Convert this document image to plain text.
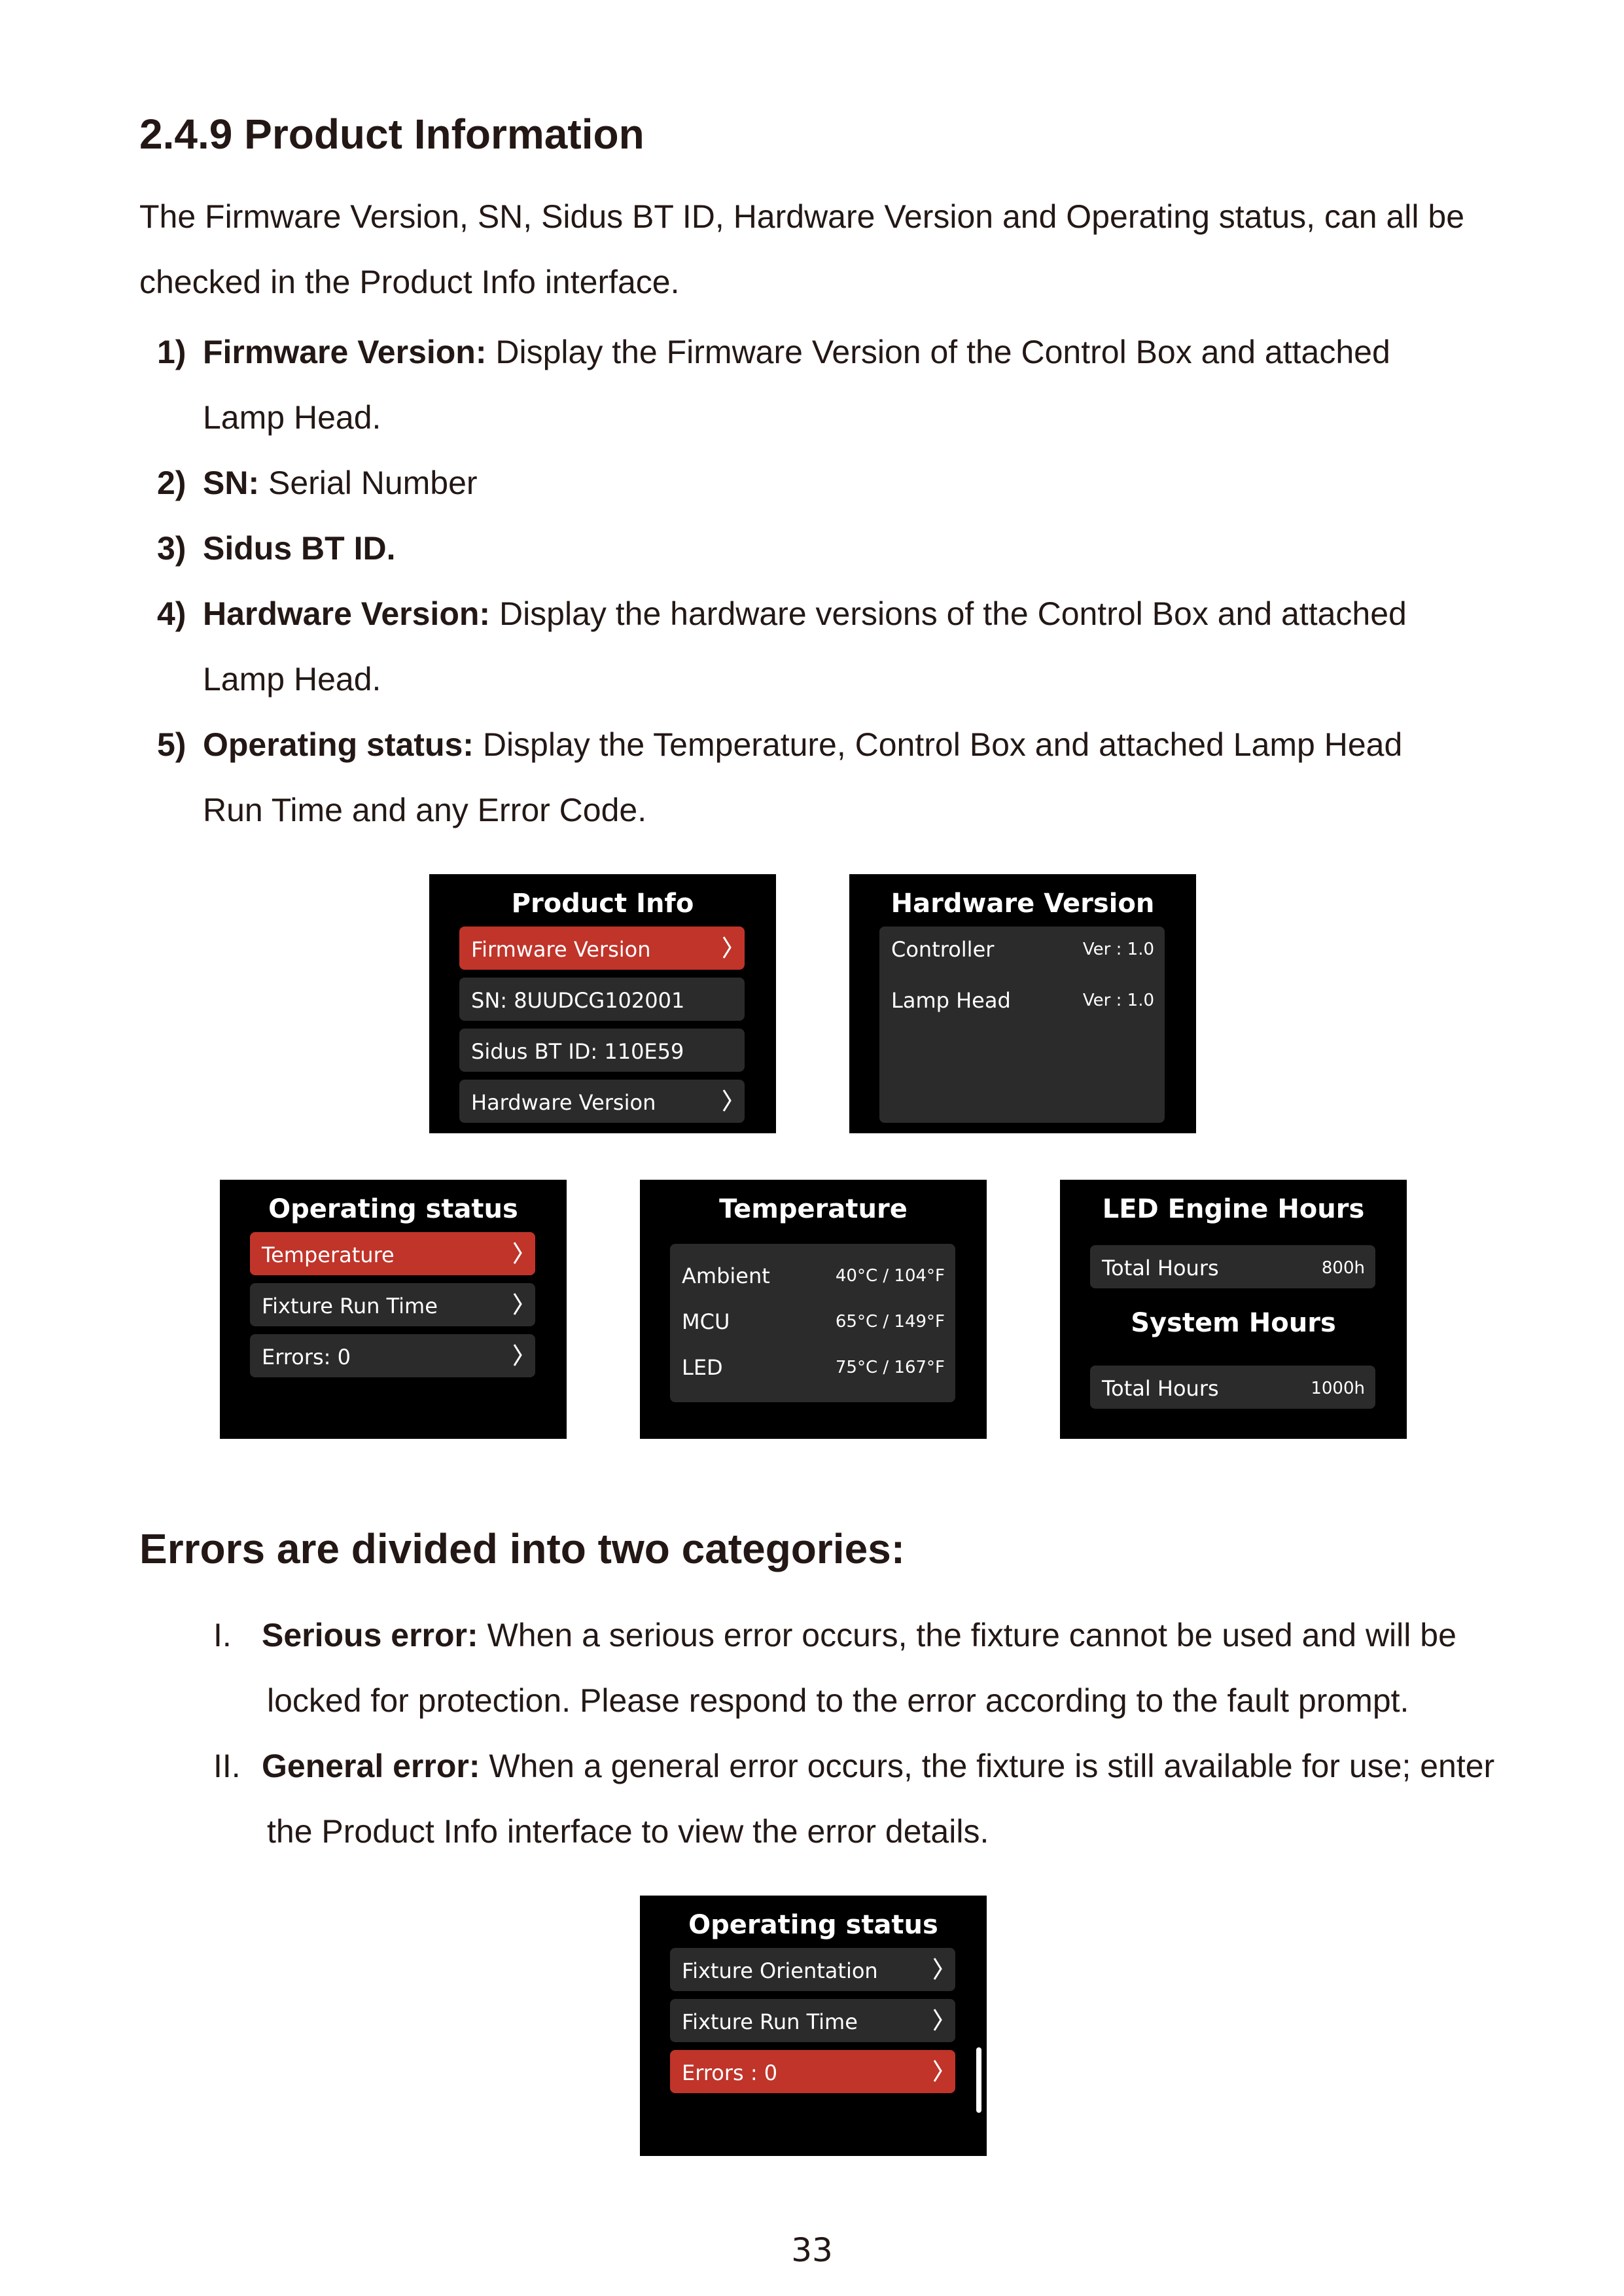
2.4.9 Product Information
The Firmware Version, SN, Sidus BT ID, Hardware Version and Operating status, can all be
checked in the Product Info interface.
1) Firmware Version: Display the Firmware Version of the Control Box and attached
Lamp Head.
2) SN: Serial Number
3) Sidus BT ID.
4) Hardware Version: Display the hardware versions of the Control Box and attached
Lamp Head.
5) Operating status: Display the Temperature, Control Box and attached Lamp Head
Run Time and any Error Code.
Product Info
Firmware Version
SN: 8UUDCG102001
Sidus BT ID: 110E59
Hardware Version
Hardware Version
Controller	Ver : 1.0
Lamp Head	Ver : 1.0
Operating status
Temperature
Fixture Run Time
Errors: 0
Temperature
Ambient	40°C / 104°F
MCU	65°C / 149°F
LED	75°C / 167°F
LED Engine Hours
Total Hours	800h
System Hours
Total Hours	1000h
Errors are divided into two categories:
I. Serious error: When a serious error occurs, the fixture cannot be used and will be
locked for protection. Please respond to the error according to the fault prompt.
II. General error: When a general error occurs, the fixture is still available for use; enter
the Product Info interface to view the error details.
Operating status
Fixture Orientation
Fixture Run Time
Errors : 0
33
